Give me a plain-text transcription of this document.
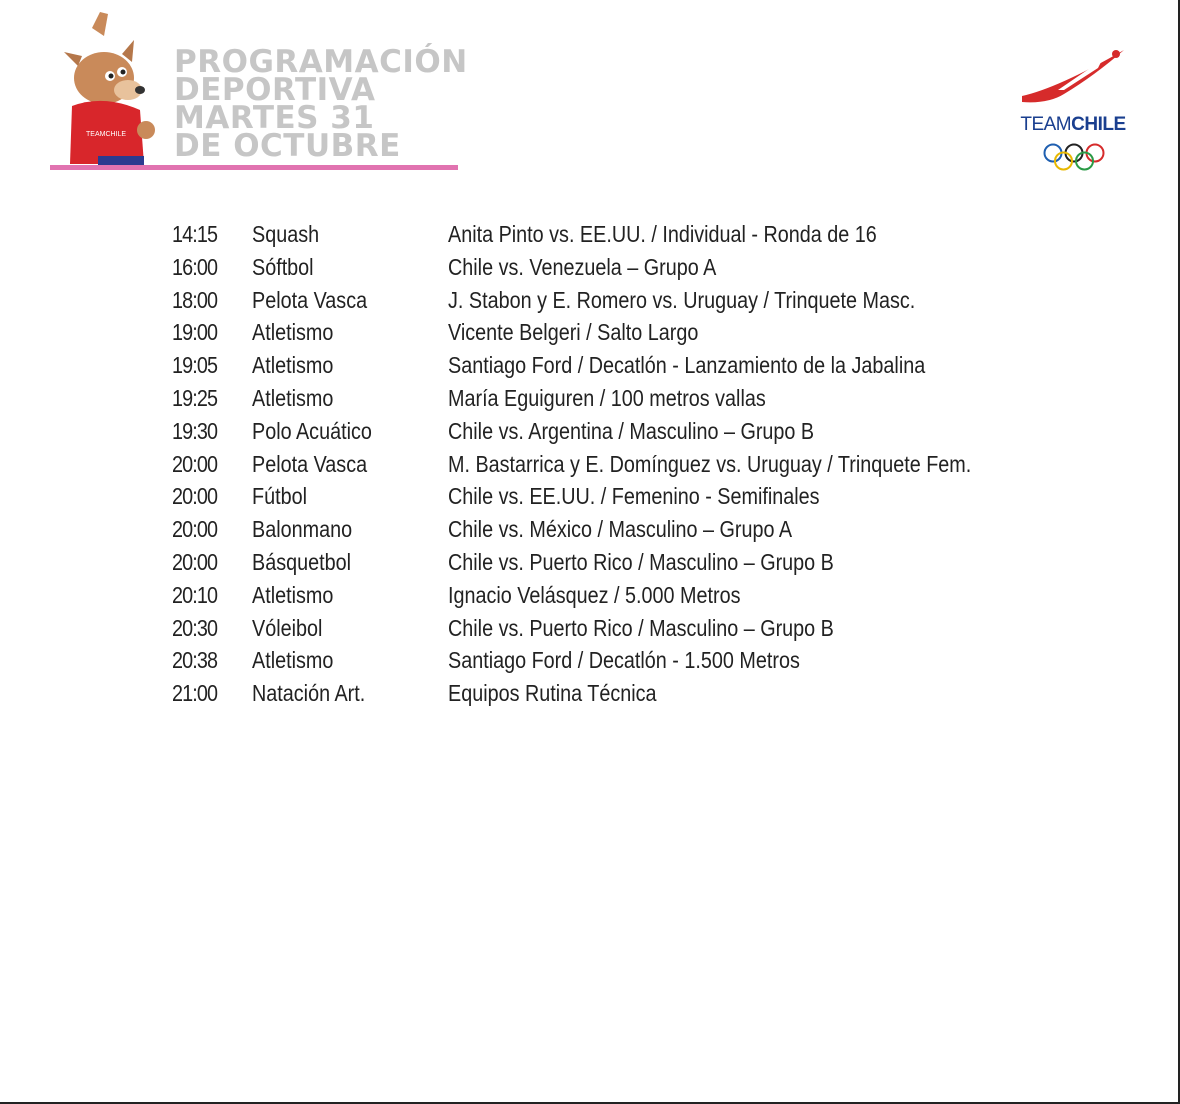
TEAMCHILE
PROGRAMACIÓN
DEPORTIVA
MARTES 31
DE OCTUBRE
TEAMCHILE
14:15	Squash	Anita Pinto vs. EE.UU. / Individual - Ronda de 16
16:00	Sóftbol	Chile vs. Venezuela – Grupo A
18:00	Pelota Vasca	J. Stabon y E. Romero vs. Uruguay / Trinquete Masc.
19:00	Atletismo	Vicente Belgeri / Salto Largo
19:05	Atletismo	Santiago Ford / Decatlón - Lanzamiento de la Jabalina
19:25	Atletismo	María Eguiguren / 100 metros vallas
19:30	Polo Acuático	Chile vs. Argentina / Masculino – Grupo B
20:00	Pelota Vasca	M. Bastarrica y E. Domínguez vs. Uruguay / Trinquete Fem.
20:00	Fútbol	Chile vs. EE.UU. / Femenino - Semifinales
20:00	Balonmano	Chile vs. México / Masculino – Grupo A
20:00	Básquetbol	Chile vs. Puerto Rico / Masculino – Grupo B
20:10	Atletismo	Ignacio Velásquez / 5.000 Metros
20:30	Vóleibol	Chile vs. Puerto Rico / Masculino – Grupo B
20:38	Atletismo	Santiago Ford / Decatlón - 1.500 Metros
21:00	Natación Art.	Equipos Rutina Técnica
